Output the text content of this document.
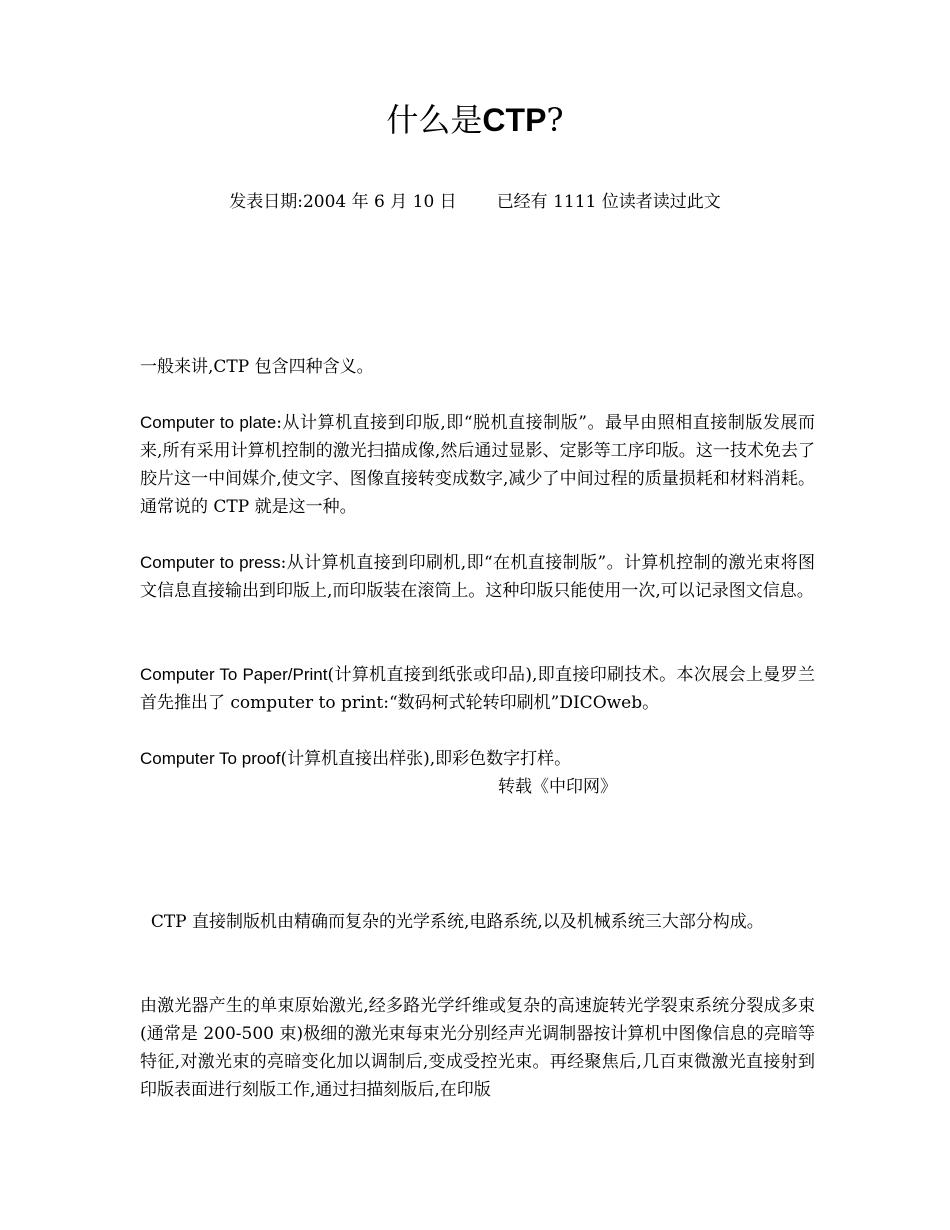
什么是CTP?
发表日期:2004 年 6 月 10 日 已经有 1111 位读者读过此文

一般来讲,CTP 包含四种含义。

Computer to plate:从计算机直接到印版,即“脱机直接制版”。最早由照相直接制版发展而来,所有采用计算机控制的激光扫描成像,然后通过显影、定影等工序印版。这一技术免去了胶片这一中间媒介,使文字、图像直接转变成数字,减少了中间过程的质量损耗和材料消耗。通常说的 CTP 就是这一种。

Computer to press:从计算机直接到印刷机,即“在机直接制版”。计算机控制的激光束将图文信息直接输出到印版上,而印版装在滚筒上。这种印版只能使用一次,可以记录图文信息。

Computer To Paper/Print(计算机直接到纸张或印品),即直接印刷技术。本次展会上曼罗兰首先推出了 computer to print:“数码柯式轮转印刷机”DICOweb。

Computer To proof(计算机直接出样张),即彩色数字打样。

转载《中印网》

CTP 直接制版机由精确而复杂的光学系统,电路系统,以及机械系统三大部分构成。

由激光器产生的单束原始激光,经多路光学纤维或复杂的高速旋转光学裂束系统分裂成多束(通常是 200-500 束)极细的激光束每束光分别经声光调制器按计算机中图像信息的亮暗等特征,对激光束的亮暗变化加以调制后,变成受控光束。再经聚焦后,几百束微激光直接射到印版表面进行刻版工作,通过扫描刻版后,在印版
